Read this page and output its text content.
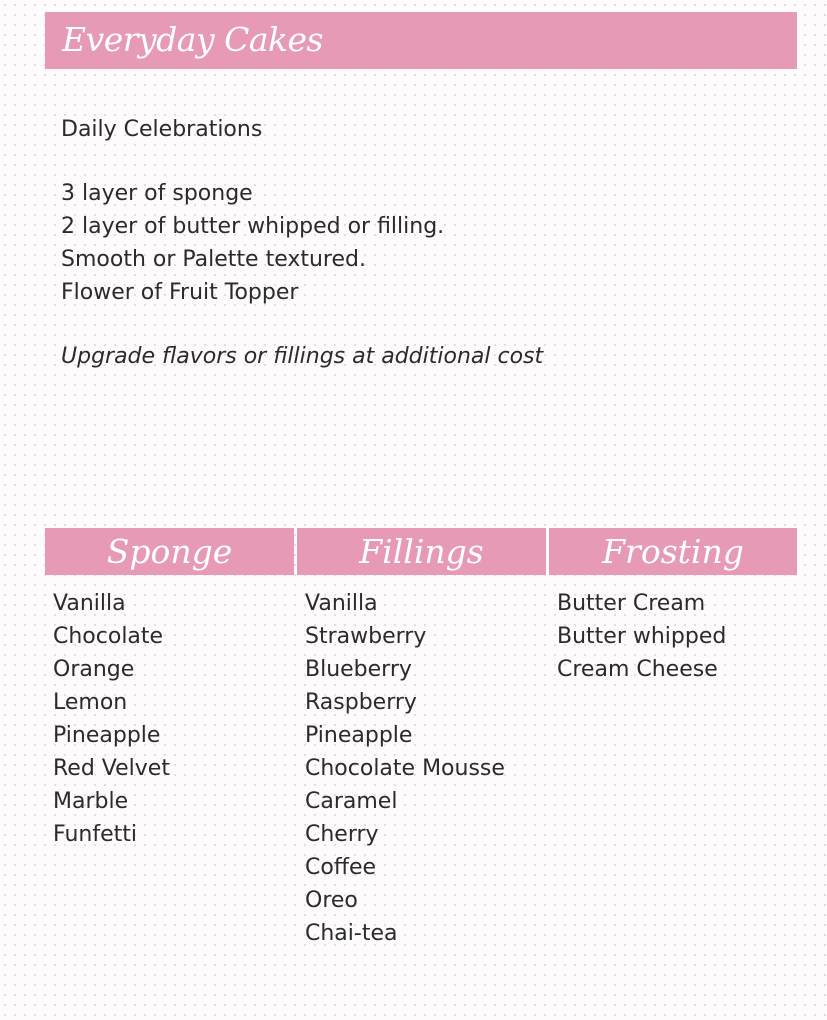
Everyday Cakes
Daily Celebrations
3 layer of sponge
2 layer of butter whipped or filling.
Smooth or Palette textured.
Flower of Fruit Topper
Upgrade flavors or fillings at additional cost
Sponge	Fillings	Frosting
Vanilla
Chocolate
Orange
Lemon
Pineapple
Red Velvet
Marble
Funfetti
Vanilla
Strawberry
Blueberry
Raspberry
Pineapple
Chocolate Mousse
Caramel
Cherry
Coffee
Oreo
Chai-tea
Butter Cream
Butter whipped
Cream Cheese
